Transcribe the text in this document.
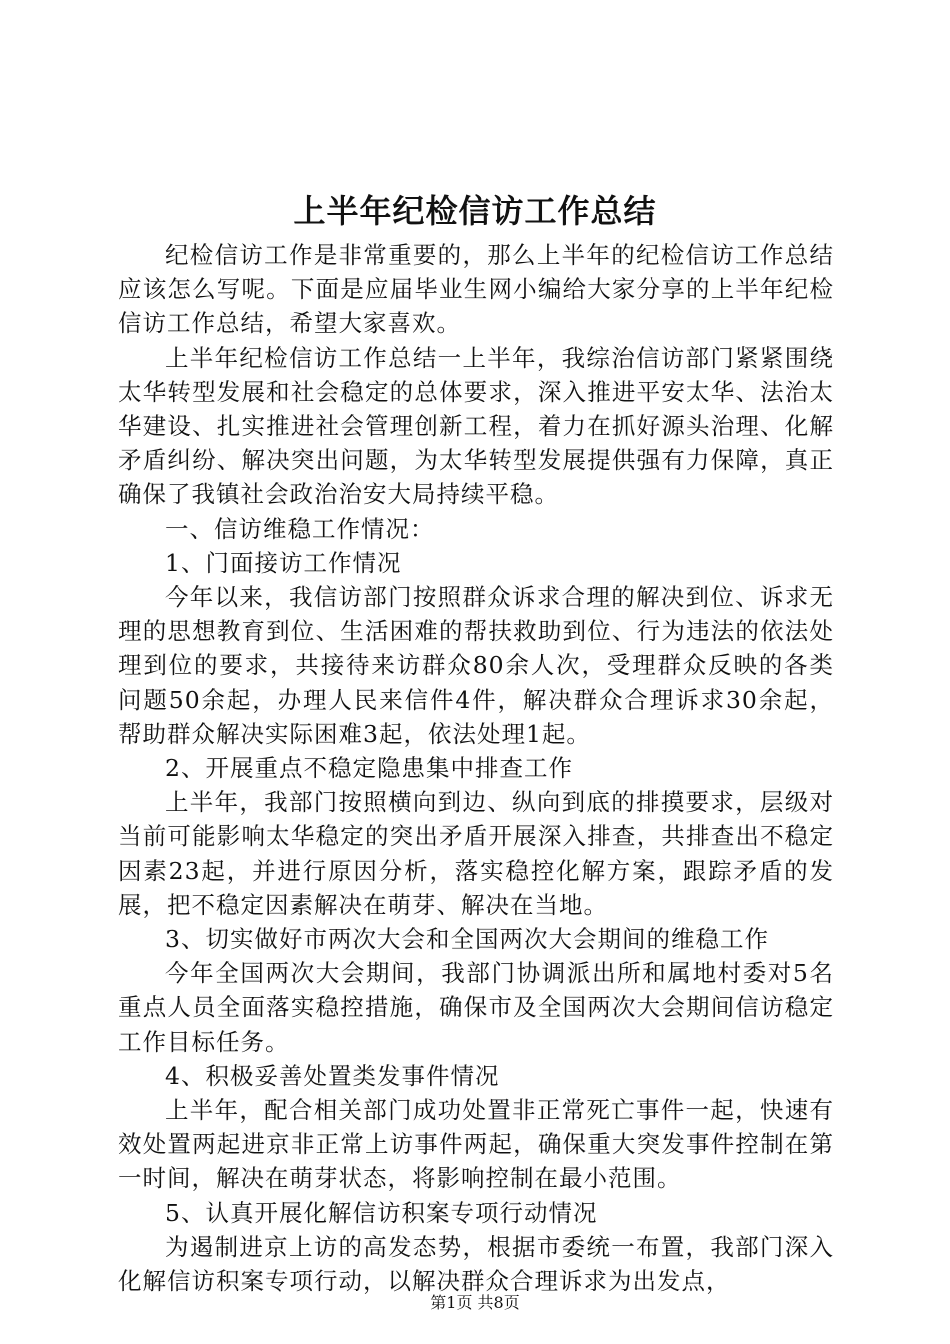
上半年纪检信访工作总结

纪检信访工作是非常重要的，那么上半年的纪检信访工作总结应该怎么写呢。下面是应届毕业生网小编给大家分享的上半年纪检信访工作总结，希望大家喜欢。

上半年纪检信访工作总结一上半年，我综治信访部门紧紧围绕太华转型发展和社会稳定的总体要求，深入推进平安太华、法治太华建设、扎实推进社会管理创新工程，着力在抓好源头治理、化解矛盾纠纷、解决突出问题，为太华转型发展提供强有力保障，真正确保了我镇社会政治治安大局持续平稳。

一、信访维稳工作情况：

1、门面接访工作情况

今年以来，我信访部门按照群众诉求合理的解决到位、诉求无理的思想教育到位、生活困难的帮扶救助到位、行为违法的依法处理到位的要求，共接待来访群众80余人次，受理群众反映的各类问题50余起，办理人民来信件4件，解决群众合理诉求30余起，帮助群众解决实际困难3起，依法处理1起。

2、开展重点不稳定隐患集中排查工作

上半年，我部门按照横向到边、纵向到底的排摸要求，层级对当前可能影响太华稳定的突出矛盾开展深入排查，共排查出不稳定因素23起，并进行原因分析，落实稳控化解方案，跟踪矛盾的发展，把不稳定因素解决在萌芽、解决在当地。

3、切实做好市两次大会和全国两次大会期间的维稳工作

今年全国两次大会期间，我部门协调派出所和属地村委对5名重点人员全面落实稳控措施，确保市及全国两次大会期间信访稳定工作目标任务。

4、积极妥善处置类发事件情况

上半年，配合相关部门成功处置非正常死亡事件一起，快速有效处置两起进京非正常上访事件两起，确保重大突发事件控制在第一时间，解决在萌芽状态，将影响控制在最小范围。

5、认真开展化解信访积案专项行动情况

为遏制进京上访的高发态势，根据市委统一布置，我部门深入化解信访积案专项行动，以解决群众合理诉求为出发点，

第1页 共8页
